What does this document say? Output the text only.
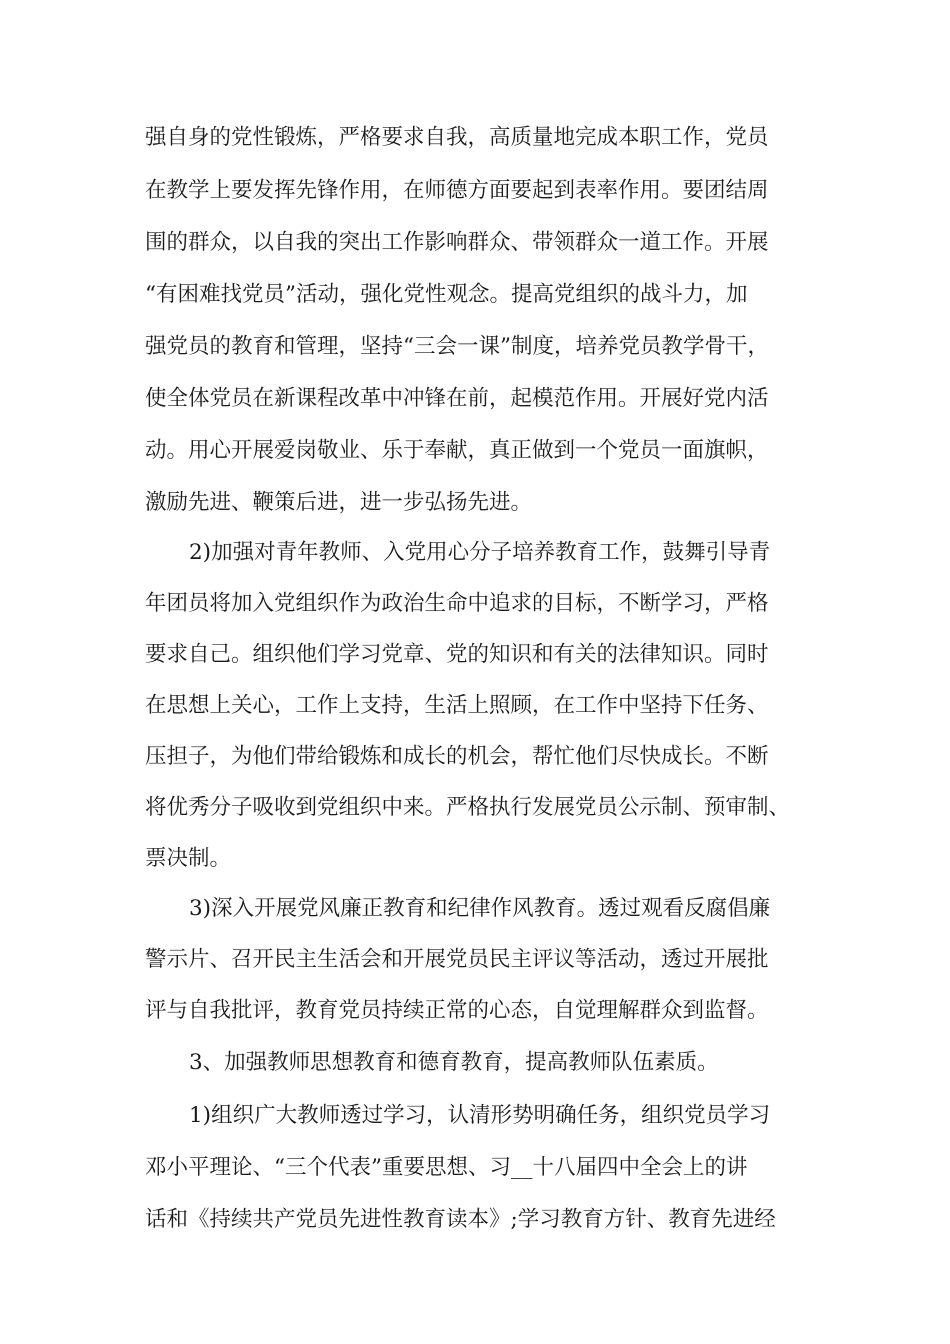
强自身的党性锻炼，严格要求自我，高质量地完成本职工作，党员

在教学上要发挥先锋作用，在师德方面要起到表率作用。要团结周

围的群众，以自我的突出工作影响群众、带领群众一道工作。开展

“有困难找党员”活动，强化党性观念。提高党组织的战斗力，加

强党员的教育和管理，坚持“三会一课”制度，培养党员教学骨干，

使全体党员在新课程改革中冲锋在前，起模范作用。开展好党内活

动。用心开展爱岗敬业、乐于奉献，真正做到一个党员一面旗帜，

激励先进、鞭策后进，进一步弘扬先进。

2)加强对青年教师、入党用心分子培养教育工作，鼓舞引导青

年团员将加入党组织作为政治生命中追求的目标，不断学习，严格

要求自己。组织他们学习党章、党的知识和有关的法律知识。同时

在思想上关心，工作上支持，生活上照顾，在工作中坚持下任务、

压担子，为他们带给锻炼和成长的机会，帮忙他们尽快成长。不断

将优秀分子吸收到党组织中来。严格执行发展党员公示制、预审制、

票决制。

3)深入开展党风廉正教育和纪律作风教育。透过观看反腐倡廉

警示片、召开民主生活会和开展党员民主评议等活动，透过开展批

评与自我批评，教育党员持续正常的心态，自觉理解群众到监督。

3、加强教师思想教育和德育教育，提高教师队伍素质。

1)组织广大教师透过学习，认清形势明确任务，组织党员学习

邓小平理论、“三个代表”重要思想、习__十八届四中全会上的讲

话和《持续共产党员先进性教育读本》;学习教育方针、教育先进经
